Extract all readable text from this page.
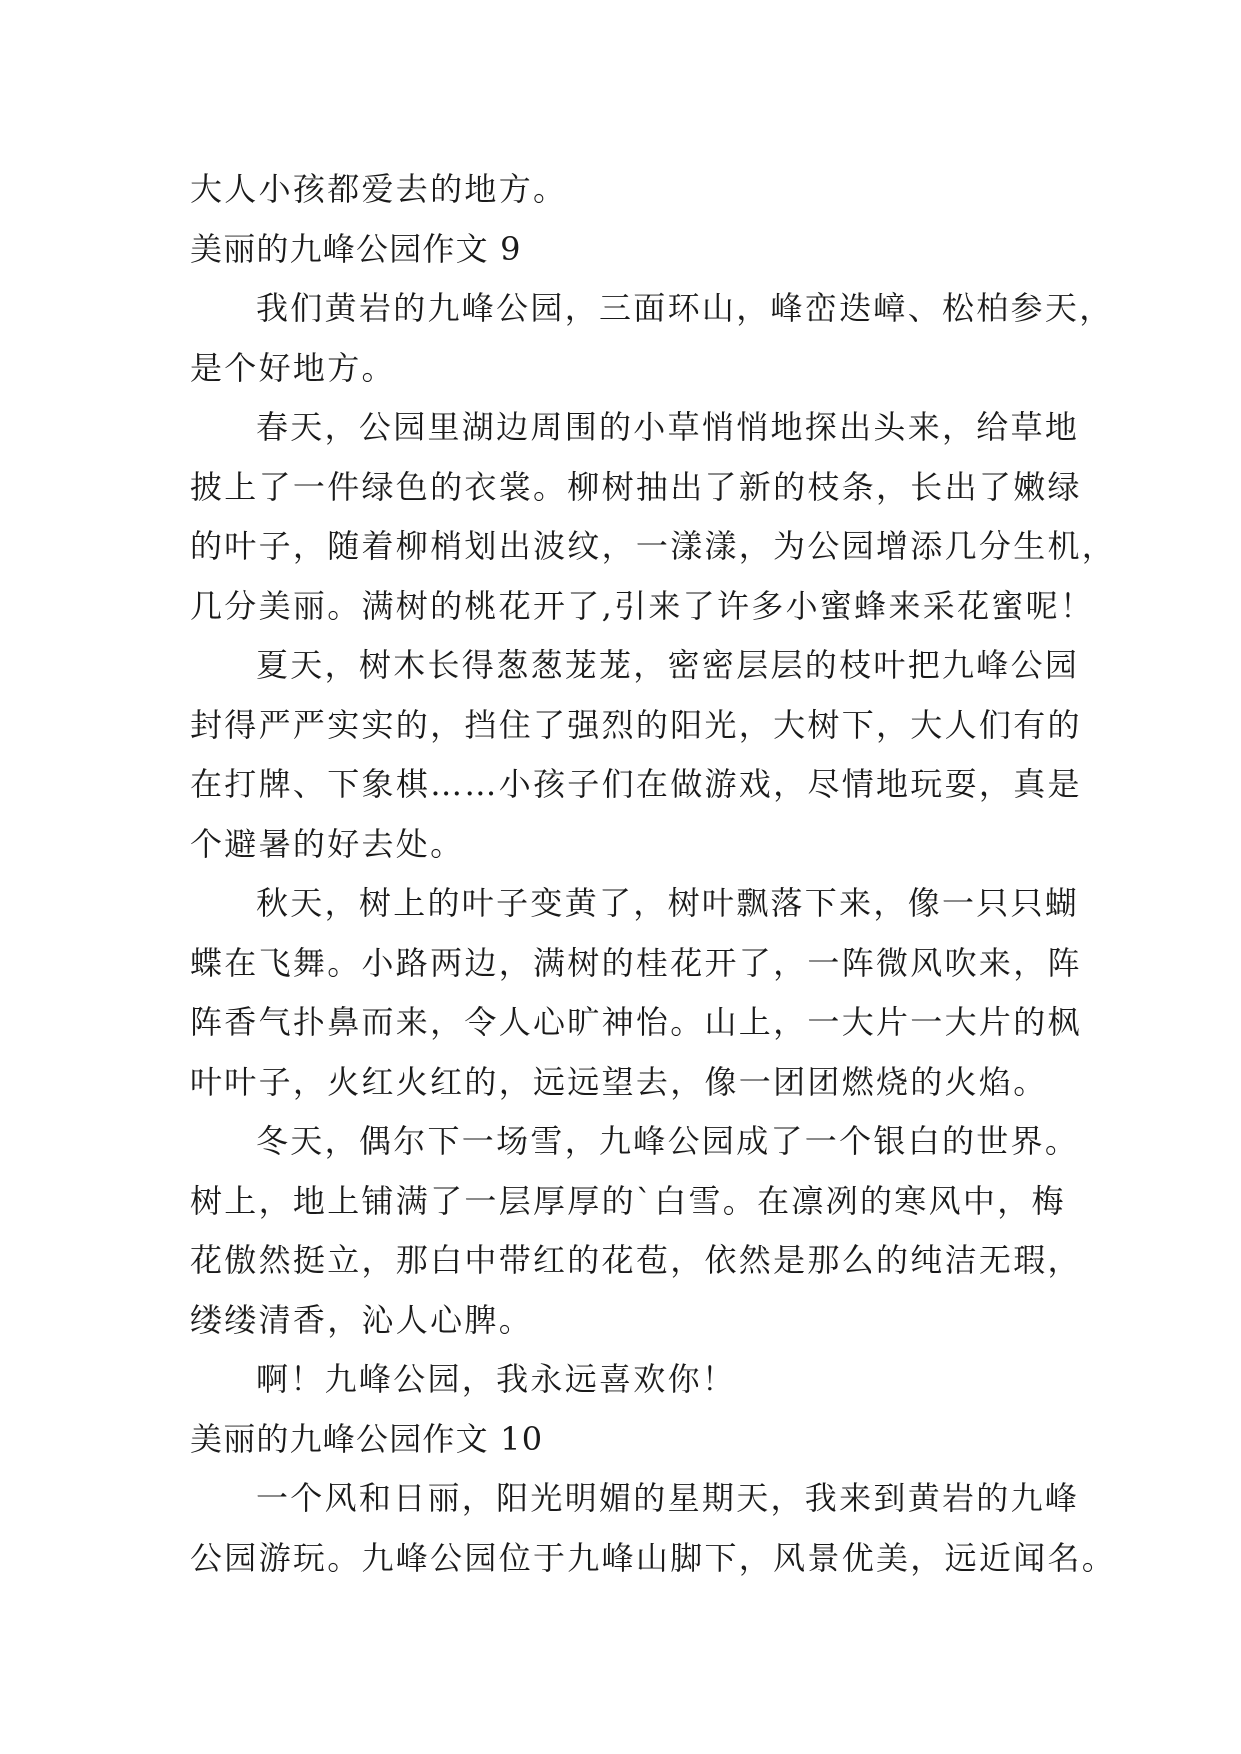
大人小孩都爱去的地方。

美丽的九峰公园作文 9

我们黄岩的九峰公园，三面环山，峰峦迭嶂、松柏参天，

是个好地方。

春天，公园里湖边周围的小草悄悄地探出头来，给草地

披上了一件绿色的衣裳。柳树抽出了新的枝条，长出了嫩绿

的叶子，随着柳梢划出波纹，一漾漾，为公园增添几分生机，

几分美丽。满树的桃花开了,引来了许多小蜜蜂来采花蜜呢！

夏天，树木长得葱葱茏茏，密密层层的枝叶把九峰公园

封得严严实实的，挡住了强烈的阳光，大树下，大人们有的

在打牌、下象棋……小孩子们在做游戏，尽情地玩耍，真是

个避暑的好去处。

秋天，树上的叶子变黄了，树叶飘落下来，像一只只蝴

蝶在飞舞。小路两边，满树的桂花开了，一阵微风吹来，阵

阵香气扑鼻而来，令人心旷神怡。山上，一大片一大片的枫

叶叶子，火红火红的，远远望去，像一团团燃烧的火焰。

冬天，偶尔下一场雪，九峰公园成了一个银白的世界。

树上，地上铺满了一层厚厚的`白雪。在凛冽的寒风中，梅

花傲然挺立，那白中带红的花苞，依然是那么的纯洁无瑕，

缕缕清香，沁人心脾。

啊！九峰公园，我永远喜欢你！

美丽的九峰公园作文 10

一个风和日丽，阳光明媚的星期天，我来到黄岩的九峰

公园游玩。九峰公园位于九峰山脚下，风景优美，远近闻名。
